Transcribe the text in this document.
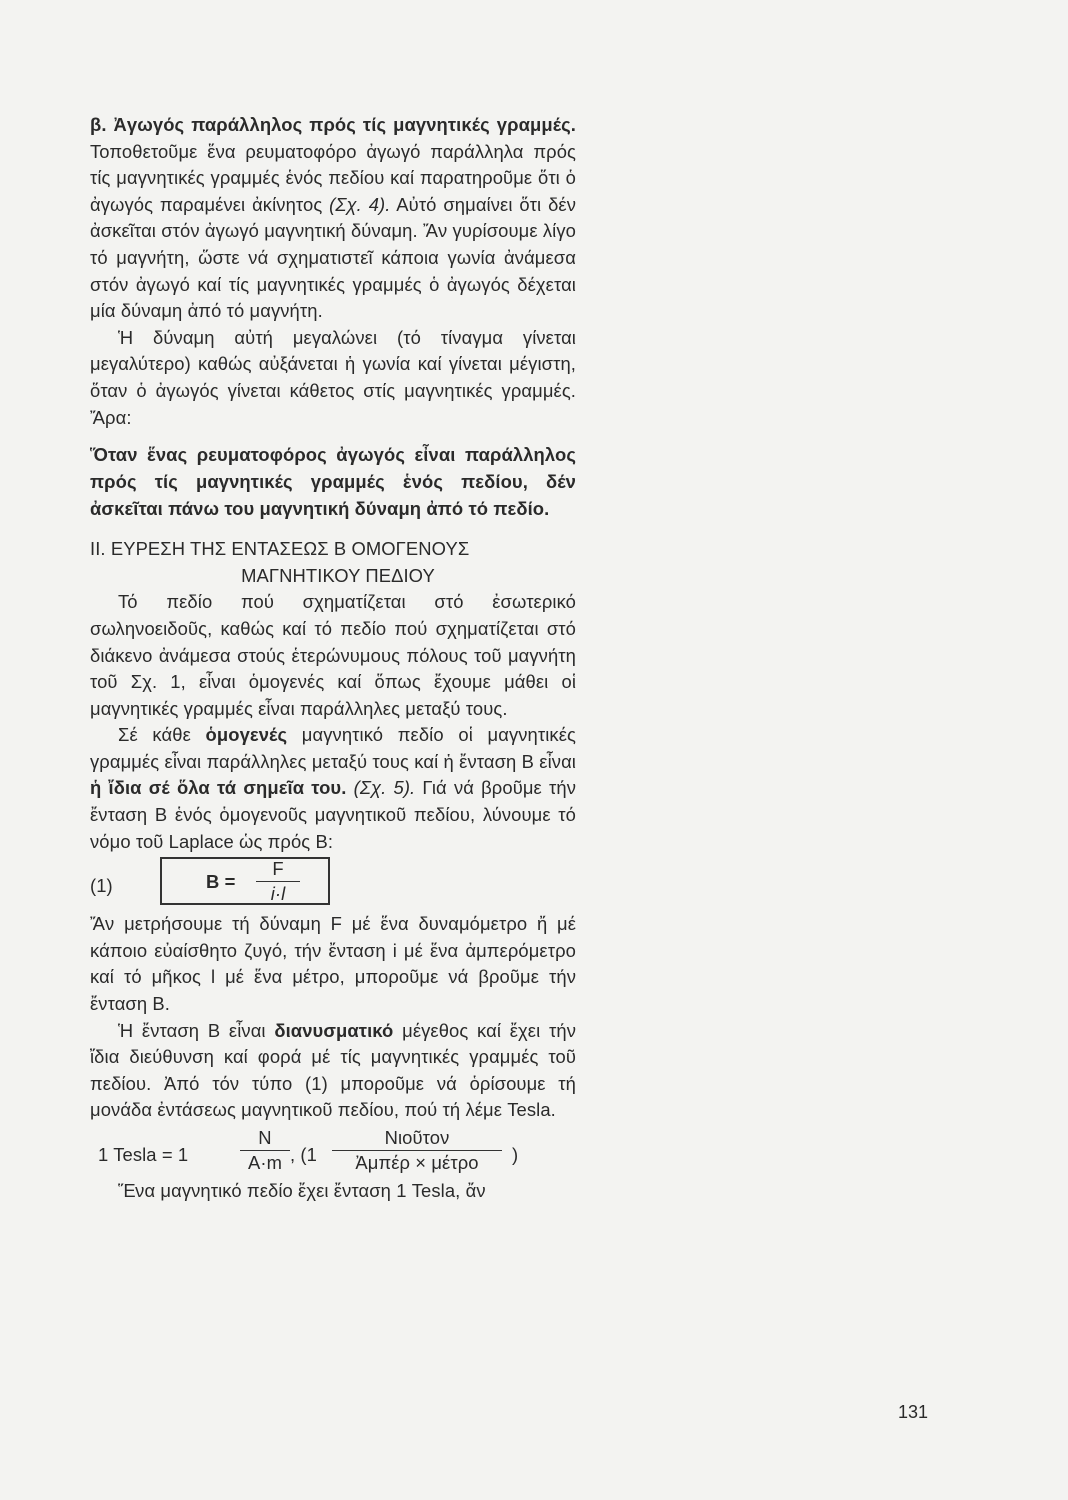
β. Ἀγωγός παράλληλος πρός τίς μαγνητικές γραμμές. Τοποθετοῦμε ἕνα ρευματοφόρο ἀγωγό παράλληλα πρός τίς μαγνητικές γραμμές ἑνός πεδίου καί παρατηροῦμε ὅτι ὁ ἀγωγός παραμένει ἀκίνητος (Σχ. 4). Αὐτό σημαίνει ὅτι δέν ἀσκεῖται στόν ἀγωγό μαγνητική δύναμη. Ἄν γυρίσουμε λίγο τό μαγνήτη, ὥστε νά σχηματιστεῖ κάποια γωνία ἀνάμεσα στόν ἀγωγό καί τίς μαγνητικές γραμμές ὁ ἀγωγός δέχεται μία δύναμη ἀπό τό μαγνήτη.

Ἡ δύναμη αὐτή μεγαλώνει (τό τίναγμα γίνεται μεγαλύτερο) καθώς αὐξάνεται ἡ γωνία καί γίνεται μέγιστη, ὅταν ὁ ἀγωγός γίνεται κάθετος στίς μαγνητικές γραμμές. Ἄρα:

Ὅταν ἕνας ρευματοφόρος ἀγωγός εἶναι παράλληλος πρός τίς μαγνητικές γραμμές ἑνός πεδίου, δέν ἀσκεῖται πάνω του μαγνητική δύναμη ἀπό τό πεδίο.

ΙΙ. ΕΥΡΕΣΗ ΤΗΣ ΕΝΤΑΣΕΩΣ Β ΟΜΟΓΕΝΟΥΣ
ΜΑΓΝΗΤΙΚΟΥ ΠΕΔΙΟΥ

Τό πεδίο πού σχηματίζεται στό ἐσωτερικό σωληνοειδοῦς, καθώς καί τό πεδίο πού σχηματίζεται στό διάκενο ἀνάμεσα στούς ἑτερώνυμους πόλους τοῦ μαγνήτη τοῦ Σχ. 1, εἶναι ὁμογενές καί ὅπως ἔχουμε μάθει οἱ μαγνητικές γραμμές εἶναι παράλληλες μεταξύ τους.

Σέ κάθε ὁμογενές μαγνητικό πεδίο οἱ μαγνητικές γραμμές εἶναι παράλληλες μεταξύ τους καί ἡ ἔνταση Β εἶναι ἡ ἴδια σέ ὅλα τά σημεῖα του. (Σχ. 5). Γιά νά βροῦμε τήν ἔνταση Β ἑνός ὁμογενοῦς μαγνητικοῦ πεδίου, λύνουμε τό νόμο τοῦ Laplace ὡς πρός Β:

(1)	B =
F
i·l

Ἄν μετρήσουμε τή δύναμη F μέ ἕνα δυναμόμετρο ἤ μέ κάποιο εὐαίσθητο ζυγό, τήν ἔνταση i μέ ἕνα ἀμπερόμετρο καί τό μῆκος l μέ ἕνα μέτρο, μποροῦμε νά βροῦμε τήν ἔνταση Β.

Ἡ ἔνταση Β εἶναι διανυσματικό μέγεθος καί ἔχει τήν ἴδια διεύθυνση καί φορά μέ τίς μαγνητικές γραμμές τοῦ πεδίου. Ἀπό τόν τύπο (1) μποροῦμε νά ὁρίσουμε τή μονάδα ἐντάσεως μαγνητικοῦ πεδίου, πού τή λέμε Tesla.

1 Tesla = 1
N
A·m , (1
Νιοῦτον
Ἀμπέρ × μέτρο	)

Ἕνα μαγνητικό πεδίο ἔχει ἔνταση 1 Tesla, ἄν

131
